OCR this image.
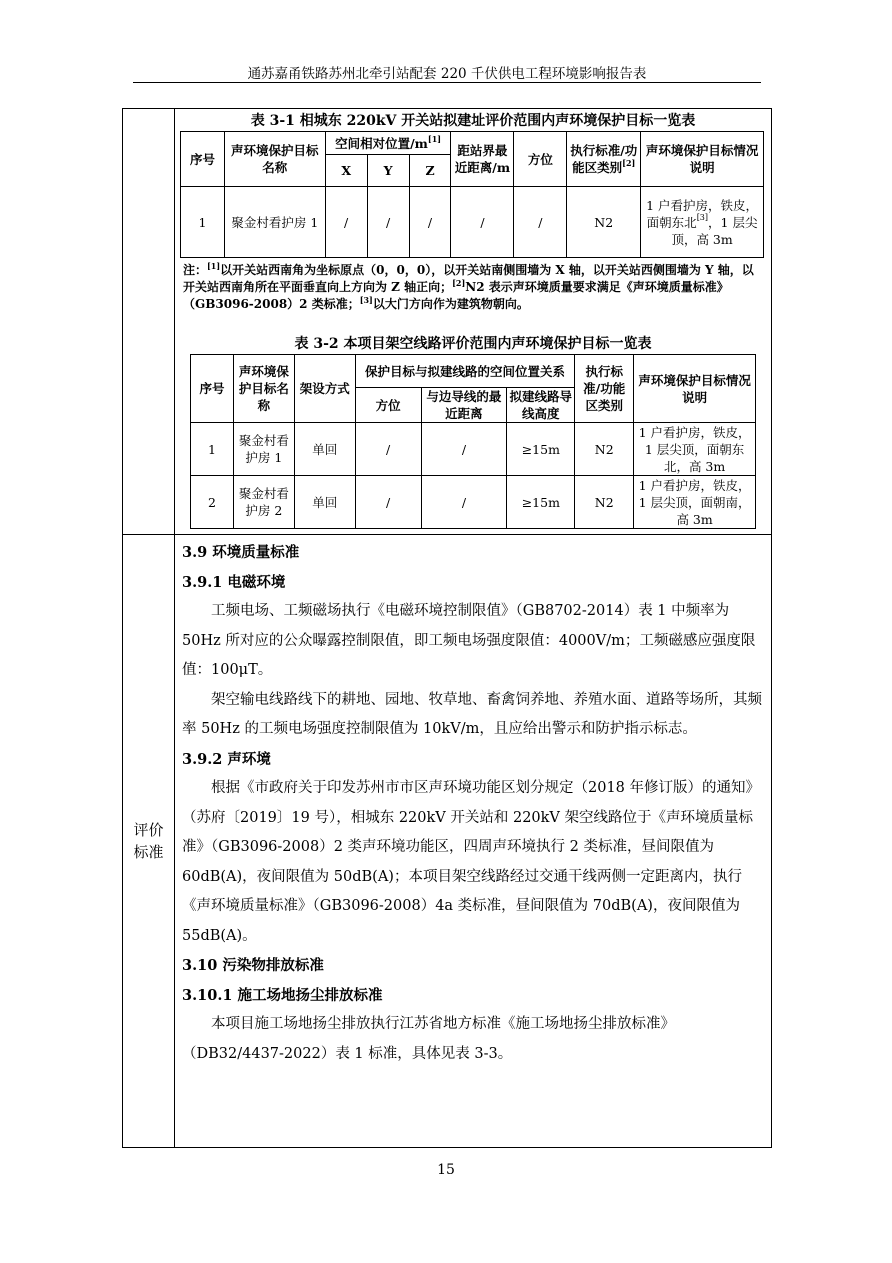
通苏嘉甬铁路苏州北牵引站配套 220 千伏供电工程环境影响报告表
评价
标准
表 3-1 相城东 220kV 开关站拟建址评价范围内声环境保护目标一览表
序号	声环境保护目标名称	空间相对位置/m[1]			距站界最近距离/m	方位	执行标准/功能区类别[2]	声环境保护目标情况说明
		X	Y	Z				
1	聚金村看护房 1	/	/	/	/	/	N2	1 户看护房，铁皮，面朝东北[3]，1 层尖顶，高 3m
注：[1]以开关站西南角为坐标原点（0，0，0），以开关站南侧围墙为 X 轴，以开关站西侧围墙为 Y 轴，以开关站西南角所在平面垂直向上方向为 Z 轴正向；[2]N2 表示声环境质量要求满足《声环境质量标准》（GB3096-2008）2 类标准；[3]以大门方向作为建筑物朝向。
表 3-2 本项目架空线路评价范围内声环境保护目标一览表
序号	声环境保护目标名称	架设方式	保护目标与拟建线路的空间位置关系			执行标准/功能区类别	声环境保护目标情况说明
			方位	与边导线的最近距离	拟建线路导线高度		
1	聚金村看护房 1	单回	/	/	≥15m	N2	1 户看护房，铁皮，1 层尖顶，面朝东北，高 3m
2	聚金村看护房 2	单回	/	/	≥15m	N2	1 户看护房，铁皮，1 层尖顶，面朝南，高 3m

3.9 环境质量标准

3.9.1 电磁环境

工频电场、工频磁场执行《电磁环境控制限值》（GB8702-2014）表 1 中频率为 50Hz 所对应的公众曝露控制限值，即工频电场强度限值：4000V/m；工频磁感应强度限值：100μT。

架空输电线路线下的耕地、园地、牧草地、畜禽饲养地、养殖水面、道路等场所，其频率 50Hz 的工频电场强度控制限值为 10kV/m，且应给出警示和防护指示标志。

3.9.2 声环境

根据《市政府关于印发苏州市市区声环境功能区划分规定（2018 年修订版）的通知》（苏府〔2019〕19 号），相城东 220kV 开关站和 220kV 架空线路位于《声环境质量标准》（GB3096-2008）2 类声环境功能区，四周声环境执行 2 类标准，昼间限值为 60dB(A)，夜间限值为 50dB(A)；本项目架空线路经过交通干线两侧一定距离内，执行《声环境质量标准》（GB3096-2008）4a 类标准，昼间限值为 70dB(A)，夜间限值为 55dB(A)。

3.10 污染物排放标准

3.10.1 施工场地扬尘排放标准

本项目施工场地扬尘排放执行江苏省地方标准《施工场地扬尘排放标准》（DB32/4437-2022）表 1 标准，具体见表 3-3。

15
